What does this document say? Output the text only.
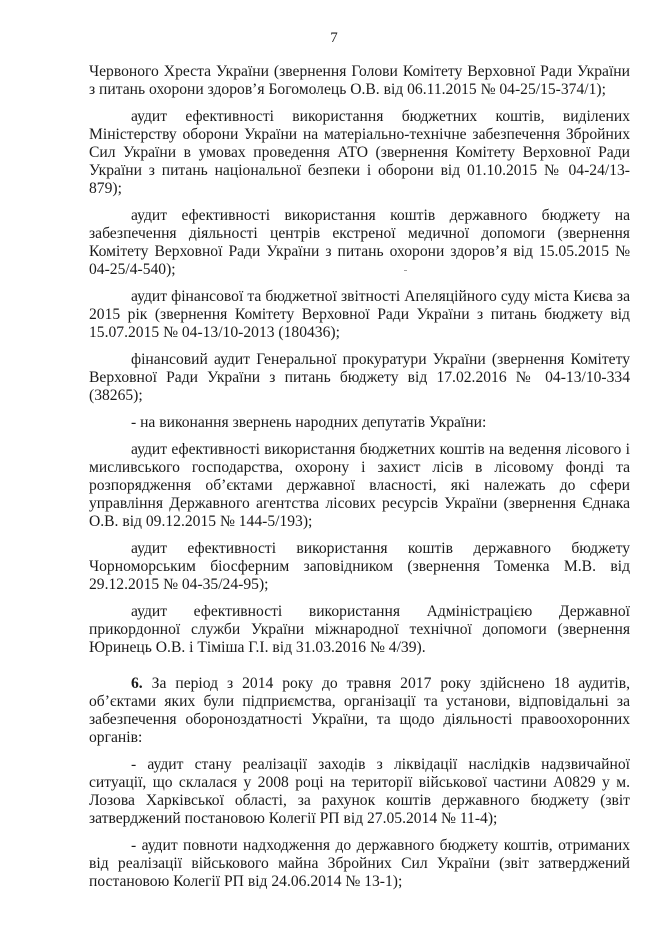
7

Червоного Хреста України (звернення Голови Комітету Верховної Ради України з питань охорони здоров’я Богомолець О.В. від 06.11.2015 № 04-25/15-374/1);

аудит ефективності використання бюджетних коштів, виділених Міністерству оборони України на матеріально-технічне забезпечення Збройних Сил України в умовах проведення АТО (звернення Комітету Верховної Ради України з питань національної безпеки і оборони від 01.10.2015 № 04-24/13-879);

аудит ефективності використання коштів державного бюджету на забезпечення діяльності центрів екстреної медичної допомоги (звернення Комітету Верховної Ради України з питань охорони здоров’я від 15.05.2015 № 04-25/4-540);

аудит фінансової та бюджетної звітності Апеляційного суду міста Києва за 2015 рік (звернення Комітету Верховної Ради України з питань бюджету від 15.07.2015 № 04-13/10-2013 (180436);

фінансовий аудит Генеральної прокуратури України (звернення Комітету Верховної Ради України з питань бюджету від 17.02.2016 № 04-13/10-334 (38265);

- на виконання звернень народних депутатів України:

аудит ефективності використання бюджетних коштів на ведення лісового і мисливського господарства, охорону і захист лісів в лісовому фонді та розпорядження об’єктами державної власності, які належать до сфери управління Державного агентства лісових ресурсів України (звернення Єднака О.В. від 09.12.2015 № 144-5/193);

аудит ефективності використання коштів державного бюджету Чорноморським біосферним заповідником (звернення Томенка М.В. від 29.12.2015 № 04-35/24-95);

аудит ефективності використання Адміністрацією Державної прикордонної служби України міжнародної технічної допомоги (звернення Юринець О.В. і Тіміша Г.І. від 31.03.2016 № 4/39).

6. За період з 2014 року до травня 2017 року здійснено 18 аудитів, об’єктами яких були підприємства, організації та установи, відповідальні за забезпечення обороноздатності України, та щодо діяльності правоохоронних органів:

- аудит стану реалізації заходів з ліквідації наслідків надзвичайної ситуації, що склалася у 2008 році на території військової частини А0829 у м. Лозова Харківської області, за рахунок коштів державного бюджету (звіт затверджений постановою Колегії РП від 27.05.2014 № 11-4);

- аудит повноти надходження до державного бюджету коштів, отриманих від реалізації військового майна Збройних Сил України (звіт затверджений постановою Колегії РП від 24.06.2014 № 13-1);
